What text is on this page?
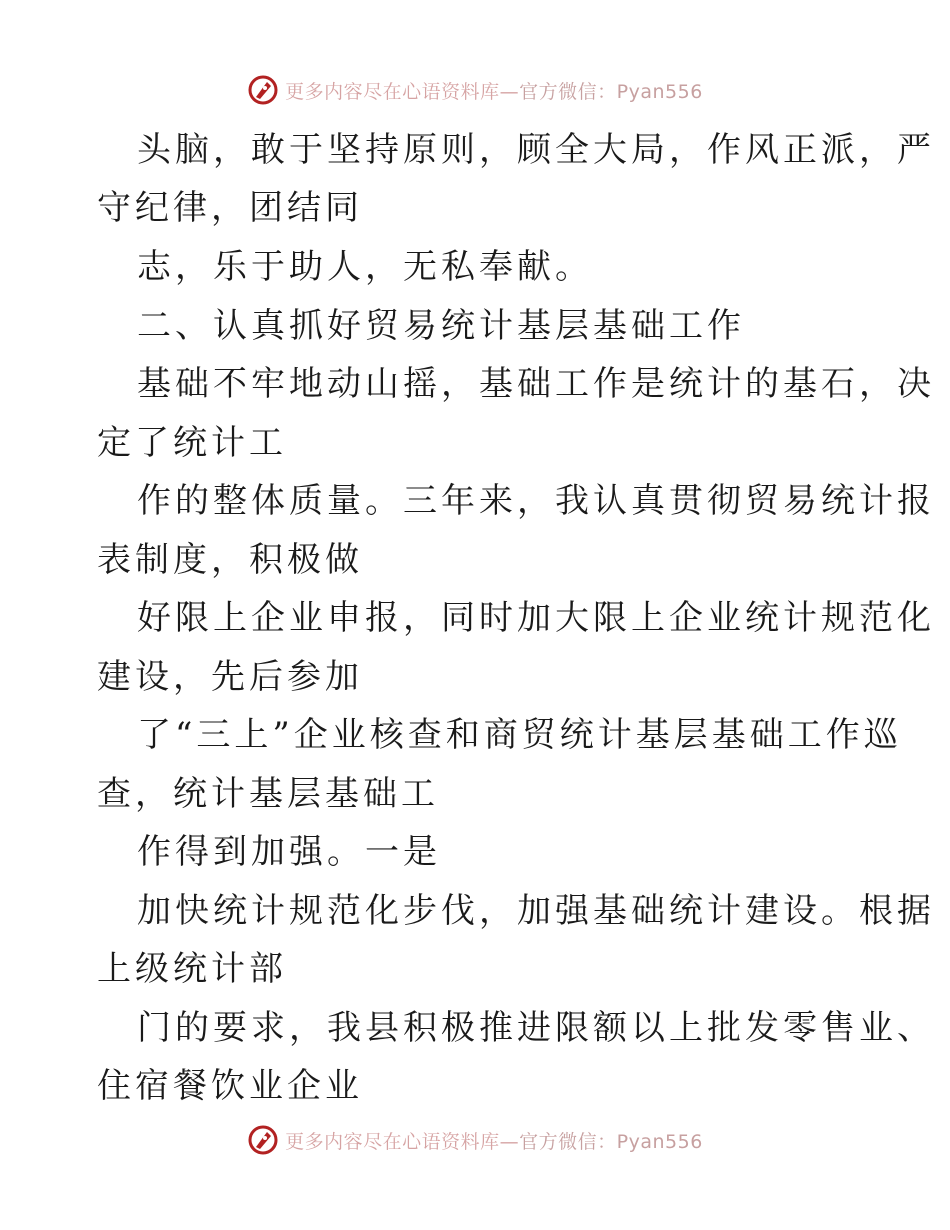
更多内容尽在心语资料库—官方微信：Pyan556
头脑，敢于坚持原则，顾全大局，作风正派，严
守纪律，团结同
志，乐于助人，无私奉献。
二、认真抓好贸易统计基层基础工作
基础不牢地动山摇，基础工作是统计的基石，决
定了统计工
作的整体质量。三年来，我认真贯彻贸易统计报
表制度，积极做
好限上企业申报，同时加大限上企业统计规范化
建设，先后参加
了“三上”企业核查和商贸统计基层基础工作巡
查，统计基层基础工
作得到加强。一是
加快统计规范化步伐，加强基础统计建设。根据
上级统计部
门的要求，我县积极推进限额以上批发零售业、
住宿餐饮业企业
更多内容尽在心语资料库—官方微信：Pyan556
